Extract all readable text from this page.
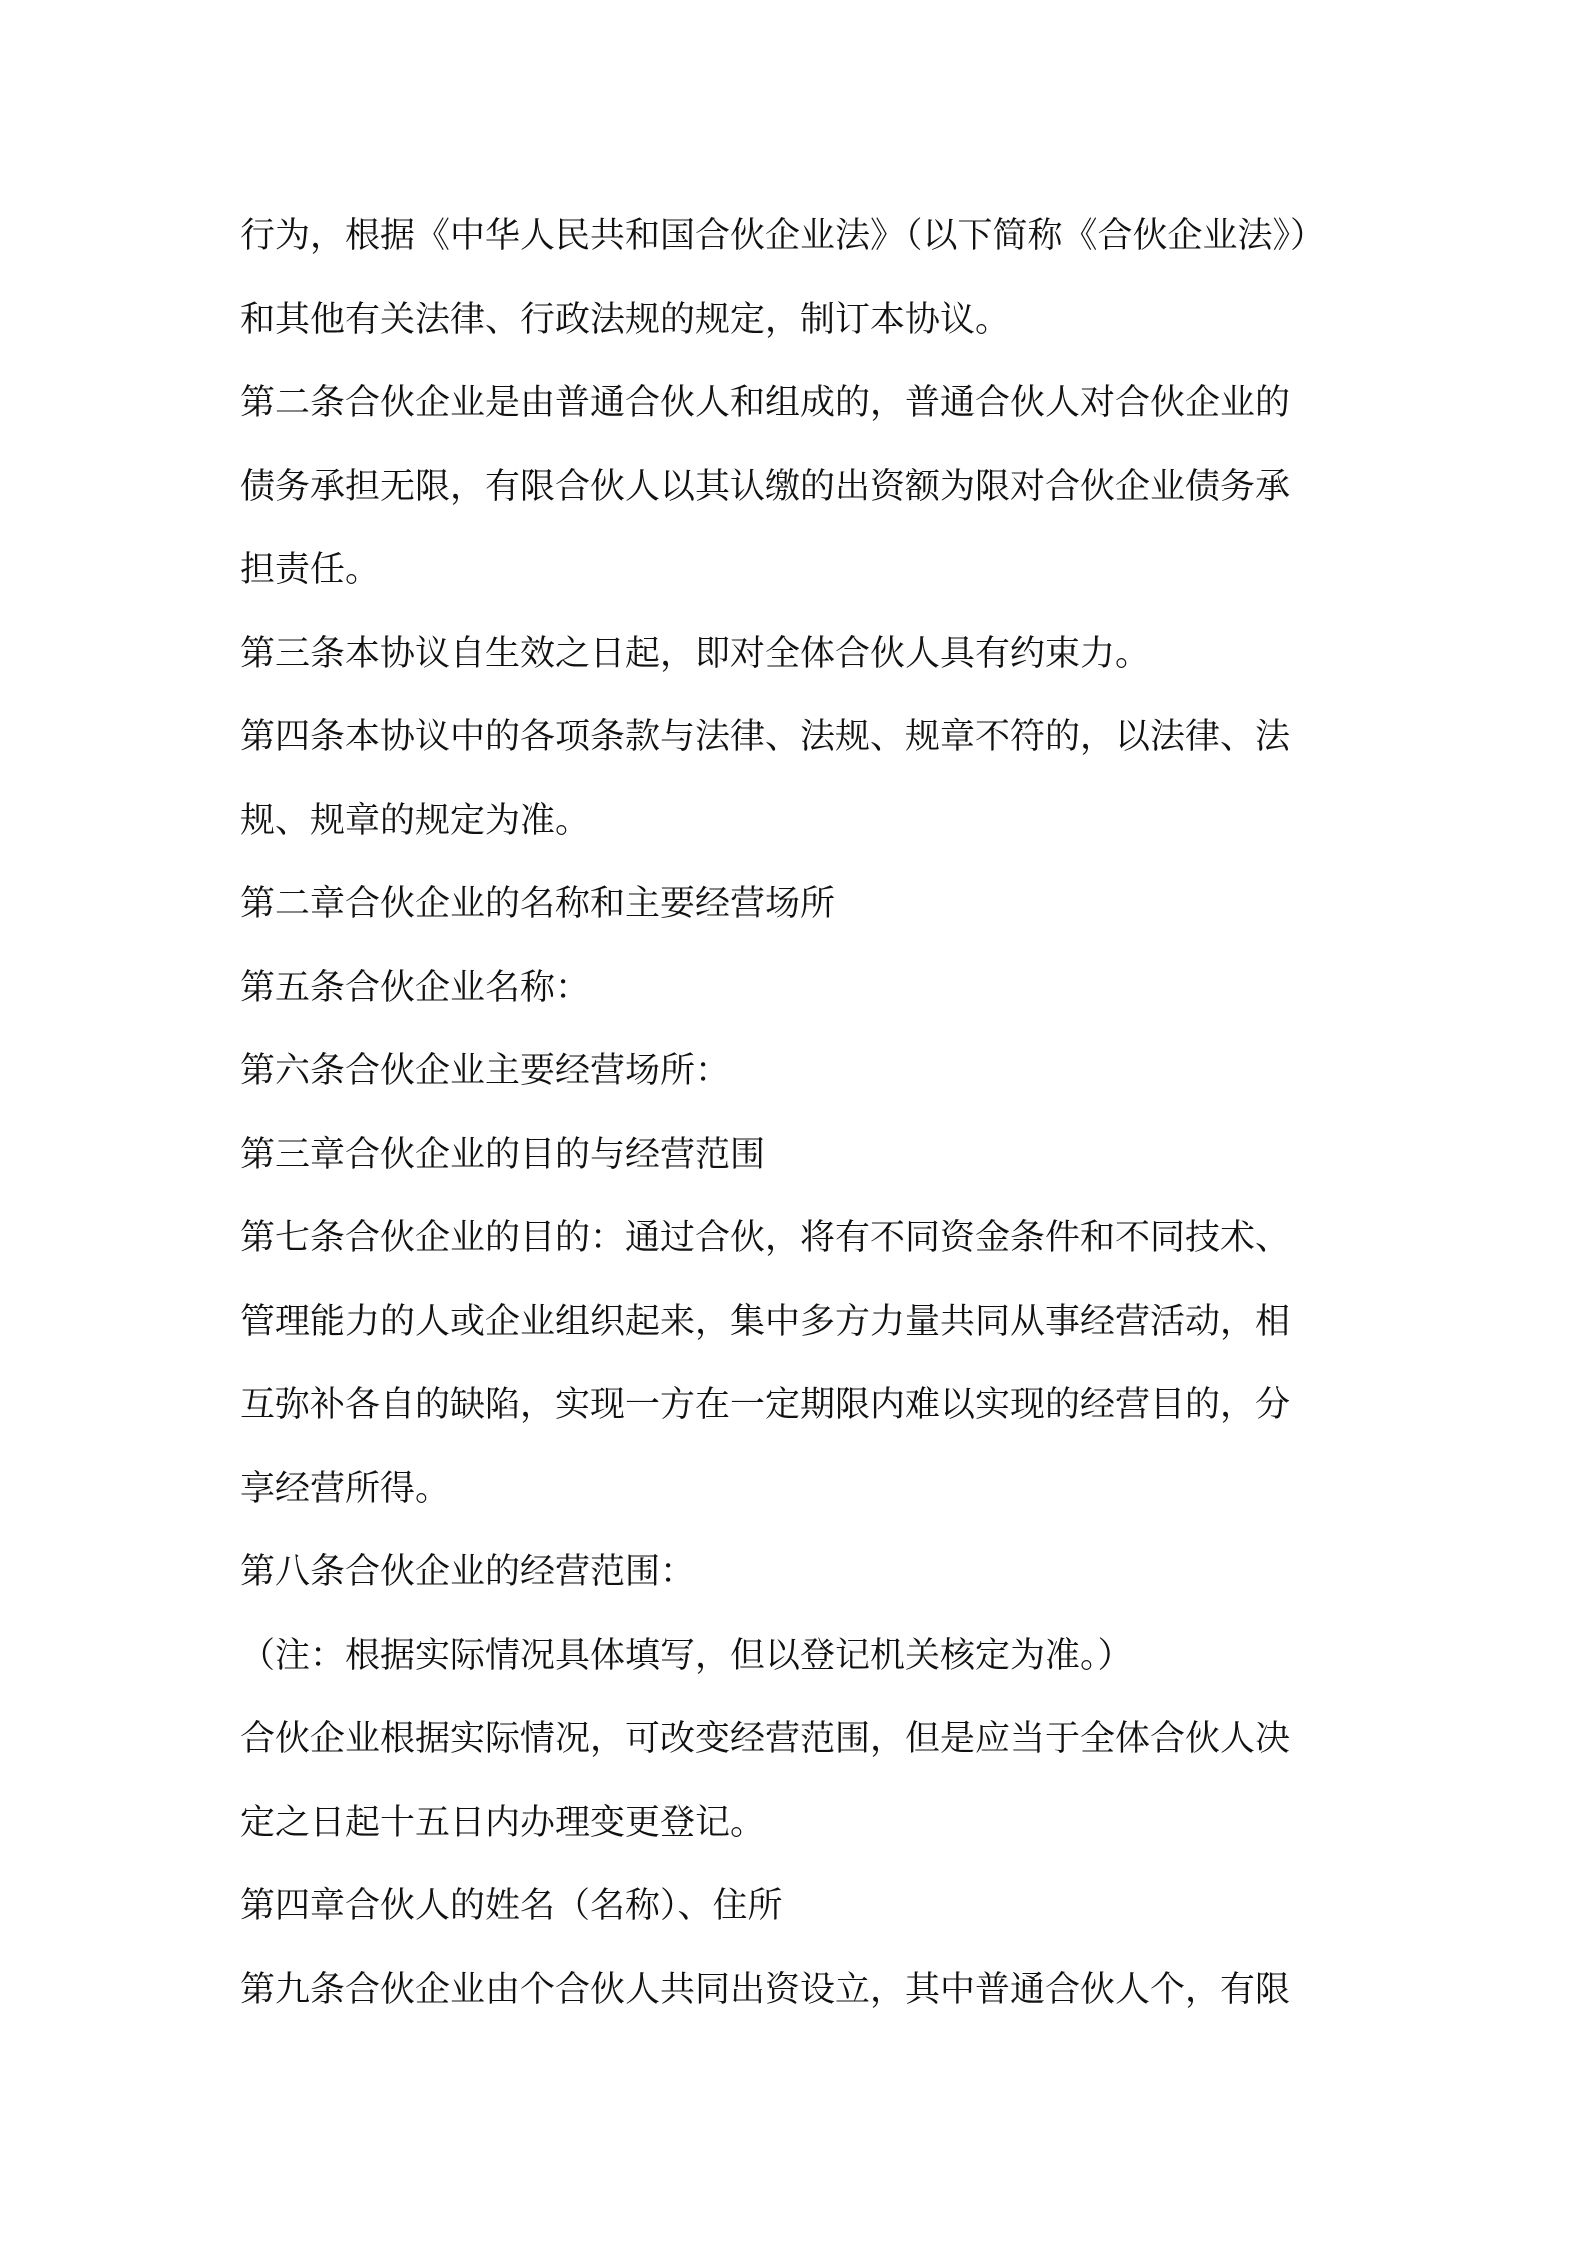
行为，根据《中华人民共和国合伙企业法》（以下简称《合伙企业法》）
和其他有关法律、行政法规的规定，制订本协议。
第二条合伙企业是由普通合伙人和组成的，普通合伙人对合伙企业的
债务承担无限，有限合伙人以其认缴的出资额为限对合伙企业债务承
担责任。
第三条本协议自生效之日起，即对全体合伙人具有约束力。
第四条本协议中的各项条款与法律、法规、规章不符的，以法律、法
规、规章的规定为准。
第二章合伙企业的名称和主要经营场所
第五条合伙企业名称：
第六条合伙企业主要经营场所：
第三章合伙企业的目的与经营范围
第七条合伙企业的目的：通过合伙，将有不同资金条件和不同技术、
管理能力的人或企业组织起来，集中多方力量共同从事经营活动，相
互弥补各自的缺陷，实现一方在一定期限内难以实现的经营目的，分
享经营所得。
第八条合伙企业的经营范围：
（注：根据实际情况具体填写，但以登记机关核定为准。）
合伙企业根据实际情况，可改变经营范围，但是应当于全体合伙人决
定之日起十五日内办理变更登记。
第四章合伙人的姓名（名称）、住所
第九条合伙企业由个合伙人共同出资设立，其中普通合伙人个，有限
